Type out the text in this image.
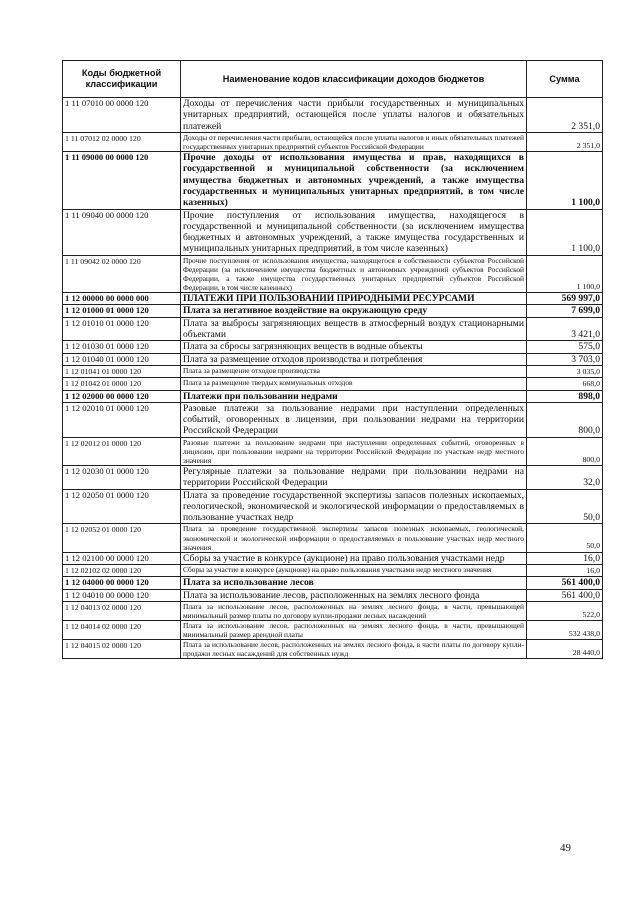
Коды бюджетной классификации	Наименование кодов классификации доходов бюджетов	Сумма
1 11 07010 00 0000 120	Доходы от перечисления части прибыли государственных и муниципальных унитарных предприятий, остающейся после уплаты налогов и обязательных платежей	2 351,0
1 11 07012 02 0000 120	Доходы от перечисления части прибыли, остающейся после уплаты налогов и иных обязательных платежей государственных унитарных предприятий субъектов Российской Федерации	2 351,0
1 11 09000 00 0000 120	Прочие доходы от использования имущества и прав, находящихся в государственной и муниципальной собственности (за исключением имущества бюджетных и автономных учреждений, а также имущества государственных и муниципальных унитарных предприятий, в том числе казенных)	1 100,0
1 11 09040 00 0000 120	Прочие поступления от использования имущества, находящегося в государственной и муниципальной собственности (за исключением имущества бюджетных и автономных учреждений, а также имущества государственных и муниципальных унитарных предприятий, в том числе казенных)	1 100,0
1 11 09042 02 0000 120	Прочие поступления от использования имущества, находящегося в собственности субъектов Российской Федерации (за исключением имущества бюджетных и автономных учреждений субъектов Российской Федерации, а также имущества государственных унитарных предприятий субъектов Российской Федерации, в том числе казенных)	1 100,0
1 12 00000 00 0000 000	ПЛАТЕЖИ ПРИ ПОЛЬЗОВАНИИ ПРИРОДНЫМИ РЕСУРСАМИ	569 997,0
1 12 01000 01 0000 120	Плата за негативное воздействие на окружающую среду	7 699,0
1 12 01010 01 0000 120	Плата за выбросы загрязняющих веществ в атмосферный воздух стационарными объектами	3 421,0
1 12 01030 01 0000 120	Плата за сбросы загрязняющих веществ в водные объекты	575,0
1 12 01040 01 0000 120	Плата за размещение отходов производства и потребления	3 703,0
1 12 01041 01 0000 120	Плата за размещение отходов производства	3 035,0
1 12 01042 01 0000 120	Плата за размещение твердых коммунальных отходов	668,0
1 12 02000 00 0000 120	Платежи при пользовании недрами	898,0
1 12 02010 01 0000 120	Разовые платежи за пользование недрами при наступлении определенных событий, оговоренных в лицензии, при пользовании недрами на территории Российской Федерации	800,0
1 12 02012 01 0000 120	Разовые платежи за пользование недрами при наступлении определенных событий, оговоренных в лицензии, при пользовании недрами на территории Российской Федерации по участкам недр местного значения	800,0
1 12 02030 01 0000 120	Регулярные платежи за пользование недрами при пользовании недрами на территории Российской Федерации	32,0
1 12 02050 01 0000 120	Плата за проведение государственной экспертизы запасов полезных ископаемых, геологической, экономической и экологической информации о предоставляемых в пользование участках недр	50,0
1 12 02052 01 0000 120	Плата за проведение государственной экспертизы запасов полезных ископаемых, геологической, экономической и экологической информации о предоставляемых в пользование участках недр местного значения	50,0
1 12 02100 00 0000 120	Сборы за участие в конкурсе (аукционе) на право пользования участками недр	16,0
1 12 02102 02 0000 120	Сборы за участие в конкурсе (аукционе) на право пользования участками недр местного значения	16,0
1 12 04000 00 0000 120	Плата за использование лесов	561 400,0
1 12 04010 00 0000 120	Плата за использование лесов, расположенных на землях лесного фонда	561 400,0
1 12 04013 02 0000 120	Плата за использование лесов, расположенных на землях лесного фонда, в части, превышающей минимальный размер платы по договору купли-продажи лесных насаждений	522,0
1 12 04014 02 0000 120	Плата за использование лесов, расположенных на землях лесного фонда, в части, превышающей минимальный размер арендной платы	532 438,0
1 12 04015 02 0000 120	Плата за использование лесов, расположенных на землях лесного фонда, в части платы по договору купли-продажи лесных насаждений для собственных нужд	28 440,0
49
